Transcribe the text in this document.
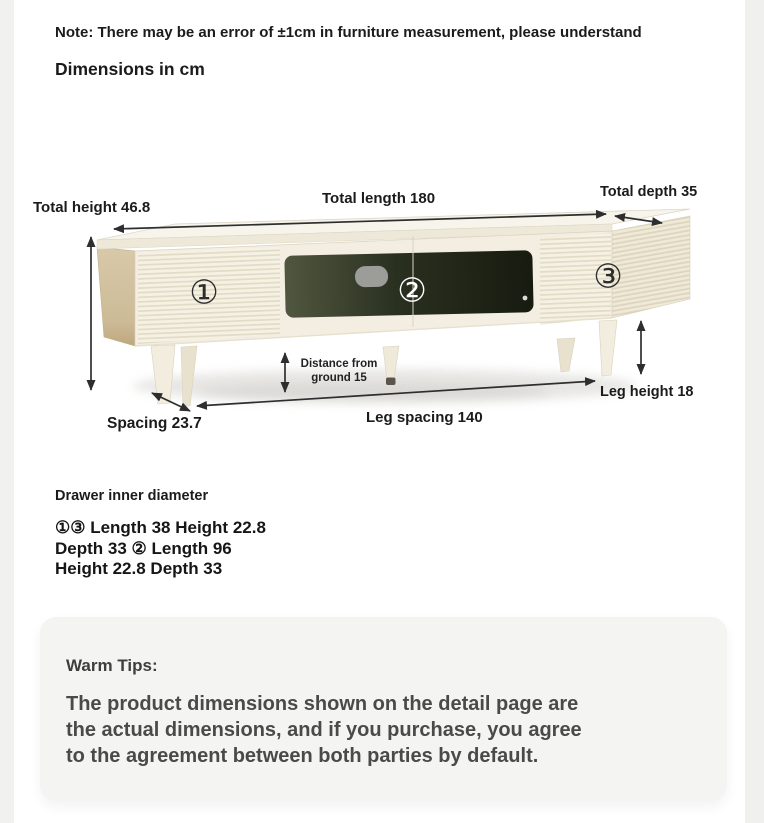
Note: There may be an error of ±1cm in furniture measurement, please understand
Dimensions in cm
Total height 46.8
Total length 180	Total depth 35
Distance from ground 15
Leg height 18
Spacing 23.7	Leg spacing 140
①	②	③
Drawer inner diameter
①③ Length 38 Height 22.8
Depth 33 ② Length 96
Height 22.8 Depth 33
Warm Tips:
The product dimensions shown on the detail page are
the actual dimensions, and if you purchase, you agree
to the agreement between both parties by default.
